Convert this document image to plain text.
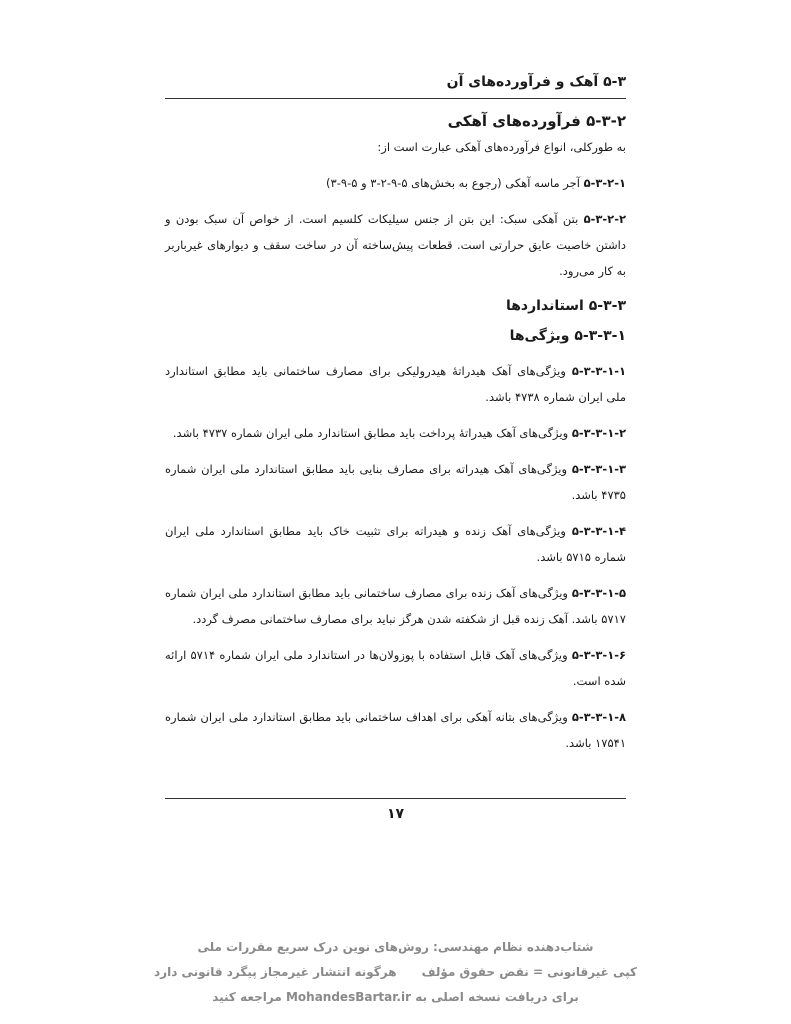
۵-۳ آهک و فرآورده‌های آن
۵-۳-۲ فرآورده‌های آهکی

به طورکلی، انواع فرآورده‌های آهکی عبارت است از:

۵-۳-۲-۱ آجر ماسه آهکی (رجوع به بخش‌های ۵-۹-۲-۳ و ۵-۹-۳)

۵-۳-۲-۲ بتن آهکی سبک: این بتن از جنس سیلیکات کلسیم است. از خواص آن سبک بودن و داشتن خاصیت عایق حرارتی است. قطعات پیش‌ساخته آن در ساخت سقف و دیوارهای غیرباربر به کار می‌رود.

۵-۳-۳ استانداردها
۵-۳-۳-۱ ویژگی‌ها

۵-۳-۳-۱-۱ ویژگی‌های آهک هیدراتهٔ هیدرولیکی برای مصارف ساختمانی باید مطابق استاندارد ملی ایران شماره ۴۷۳۸ باشد.

۵-۳-۳-۱-۲ ویژگی‌های آهک هیدراتهٔ پرداخت باید مطابق استاندارد ملی ایران شماره ۴۷۳۷ باشد.

۵-۳-۳-۱-۳ ویژگی‌های آهک هیدراته برای مصارف بنایی باید مطابق استاندارد ملی ایران شماره ۴۷۳۵ باشد.

۵-۳-۳-۱-۴ ویژگی‌های آهک زنده و هیدراته برای تثبیت خاک باید مطابق استاندارد ملی ایران شماره ۵۷۱۵ باشد.

۵-۳-۳-۱-۵ ویژگی‌های آهک زنده برای مصارف ساختمانی باید مطابق استاندارد ملی ایران شماره ۵۷۱۷ باشد. آهک زنده قبل از شکفته شدن هرگز نباید برای مصارف ساختمانی مصرف گردد.

۵-۳-۳-۱-۶ ویژگی‌های آهک قابل استفاده با پوزولان‌ها در استاندارد ملی ایران شماره ۵۷۱۴ ارائه شده است.

۵-۳-۳-۱-۸ ویژگی‌های بتانه آهکی برای اهداف ساختمانی باید مطابق استاندارد ملی ایران شماره ۱۷۵۴۱ باشد.

۱۷
شتاب‌دهنده نظام مهندسی: روش‌های نوین درک سریع مقررات ملی
کپی غیرقانونی = نقض حقوق مؤلف      هرگونه انتشار غیرمجاز پیگرد قانونی دارد
برای دریافت نسخه اصلی به MohandesBartar.ir مراجعه کنید
